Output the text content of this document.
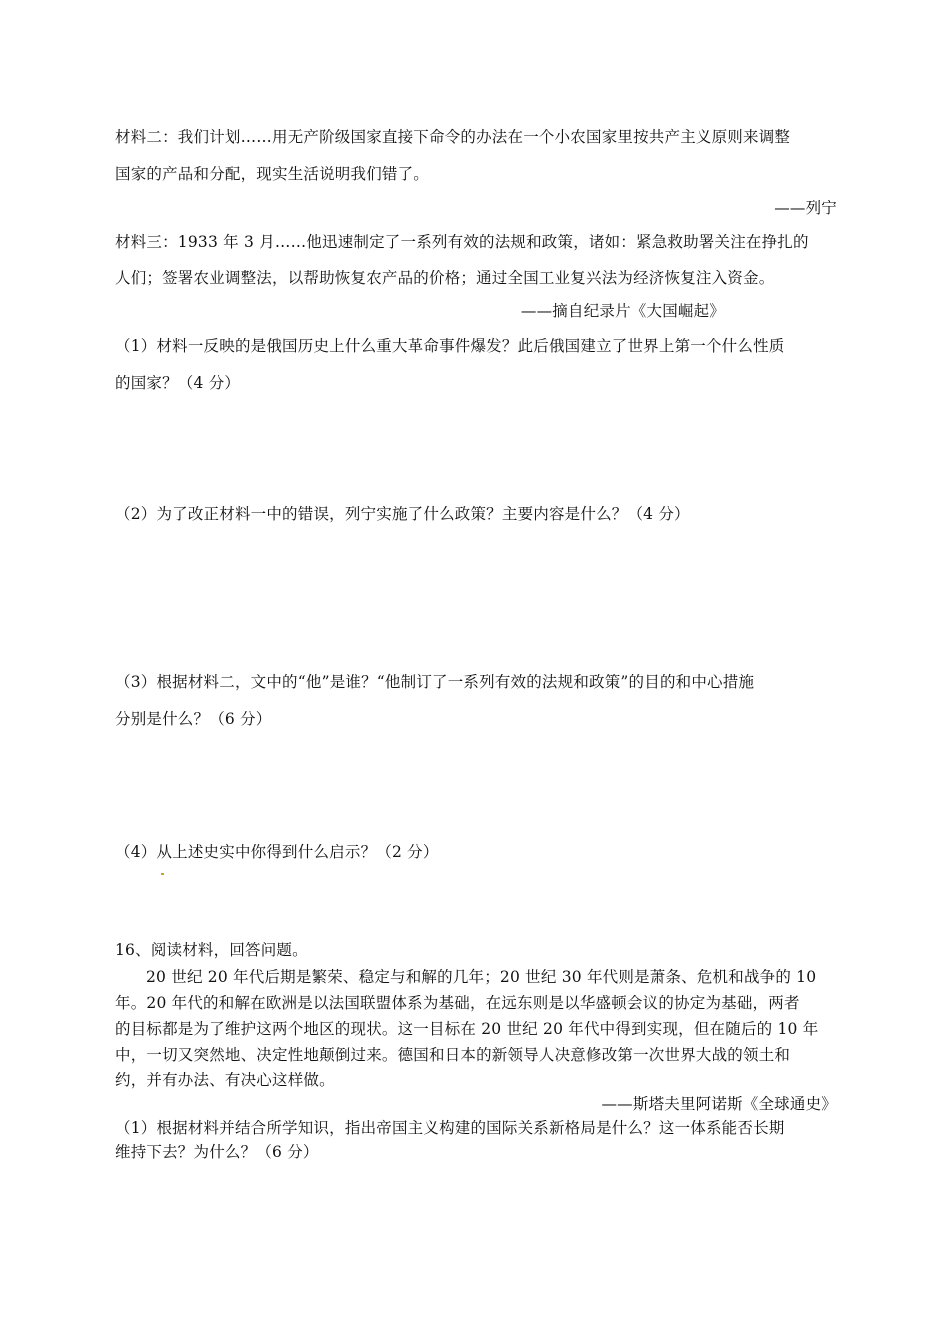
材料二：我们计划……用无产阶级国家直接下命令的办法在一个小农国家里按共产主义原则来调整
国家的产品和分配，现实生活说明我们错了。
——列宁
材料三：1933 年 3 月……他迅速制定了一系列有效的法规和政策，诸如：紧急救助署关注在挣扎的
人们；签署农业调整法，以帮助恢复农产品的价格；通过全国工业复兴法为经济恢复注入资金。
——摘自纪录片《大国崛起》
（1）材料一反映的是俄国历史上什么重大革命事件爆发？此后俄国建立了世界上第一个什么性质
的国家？（4 分）
（2）为了改正材料一中的错误，列宁实施了什么政策？主要内容是什么？（4 分）
（3）根据材料二，文中的“他”是谁？“他制订了一系列有效的法规和政策”的目的和中心措施
分别是什么？（6 分）
（4）从上述史实中你得到什么启示？（2 分）
16、阅读材料，回答问题。
20 世纪 20 年代后期是繁荣、稳定与和解的几年；20 世纪 30 年代则是萧条、危机和战争的 10
年。20 年代的和解在欧洲是以法国联盟体系为基础，在远东则是以华盛顿会议的协定为基础，两者
的目标都是为了维护这两个地区的现状。这一目标在 20 世纪 20 年代中得到实现，但在随后的 10 年
中，一切又突然地、决定性地颠倒过来。德国和日本的新领导人决意修改第一次世界大战的领土和
约，并有办法、有决心这样做。
——斯塔夫里阿诺斯《全球通史》
（1）根据材料并结合所学知识，指出帝国主义构建的国际关系新格局是什么？这一体系能否长期
维持下去？为什么？（6 分）
